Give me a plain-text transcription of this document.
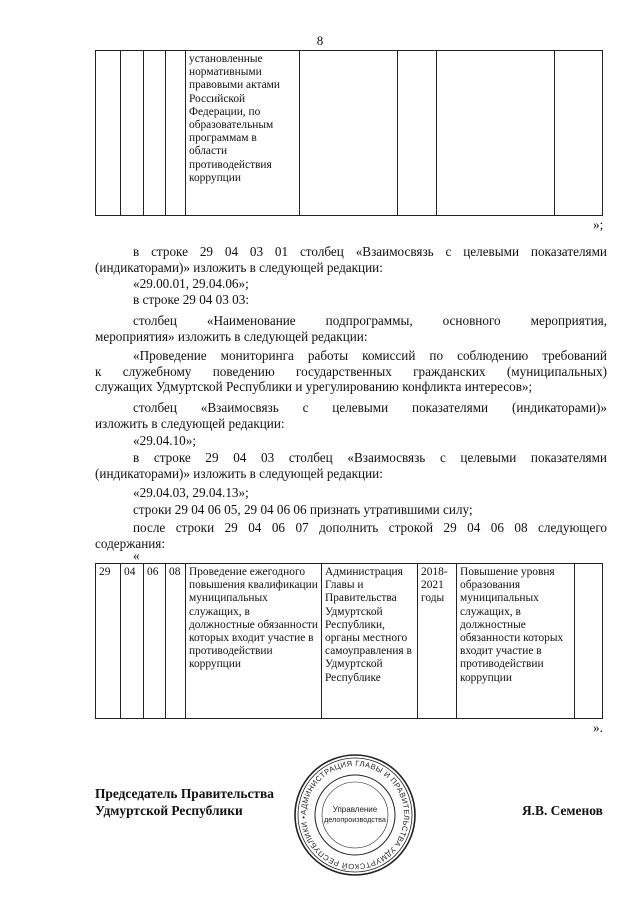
8
				установленные нормативными правовыми актами Российской Федерации, по образовательным программам в области противодействия коррупции				
»;
в строке 29 04 03 01 столбец «Взаимосвязь с целевыми показателями
(индикаторами)» изложить в следующей редакции:
«29.00.01, 29.04.06»;
в строке 29 04 03 03:
столбец «Наименование подпрограммы, основного мероприятия,
мероприятия» изложить в следующей редакции:
«Проведение мониторинга работы комиссий по соблюдению требований
к служебному поведению государственных гражданских (муниципальных)
служащих Удмуртской Республики и урегулированию конфликта интересов»;
столбец «Взаимосвязь с целевыми показателями (индикаторами)»
изложить в следующей редакции:
«29.04.10»;
в строке 29 04 03 столбец «Взаимосвязь с целевыми показателями
(индикаторами)» изложить в следующей редакции:
«29.04.03, 29.04.13»;
строки 29 04 06 05, 29 04 06 06 признать утратившими силу;
после строки 29 04 06 07 дополнить строкой 29 04 06 08 следующего
содержания:
«
29	04	06	08	Проведение ежегодного повышения квалификации муниципальных служащих, в должностные обязанности которых входит участие в противодействии коррупции	Администрация Главы и Правительства Удмуртской Республики, органы местного самоуправления в Удмуртской Республике	2018-2021 годы	Повышение уровня образования муниципальных служащих, в должностные обязанности которых входит участие в противодействии коррупции	
».
Председатель Правительства
Удмуртской Республики	Я.В. Семенов
АДМИНИСТРАЦИЯ ГЛАВЫ И ПРАВИТЕЛЬСТВА УДМУРТСКОЙ РЕСПУБЛИКИ •
Управление
делопроизводства
